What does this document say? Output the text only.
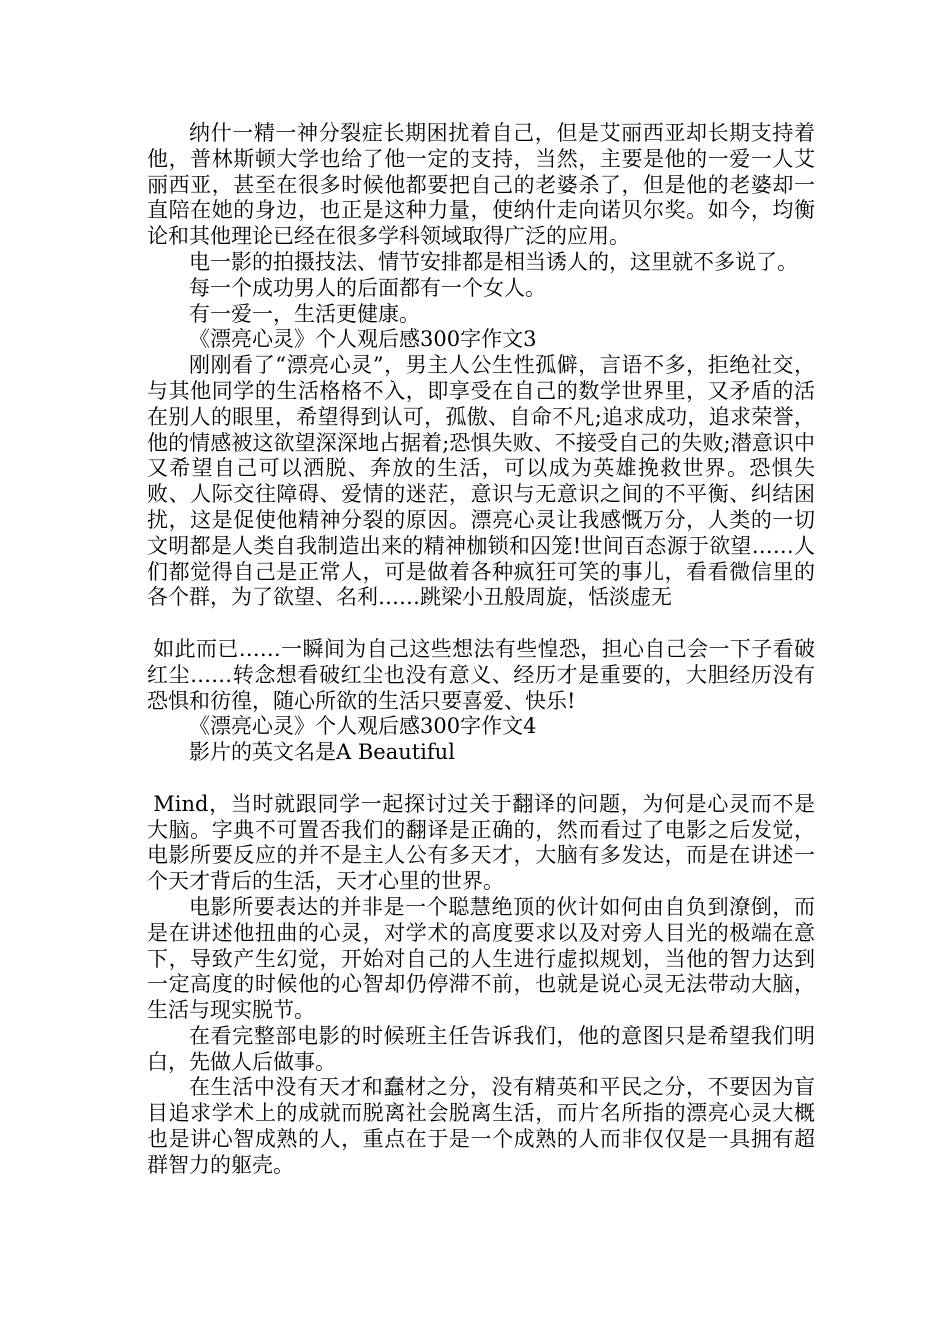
纳什一精一神分裂症长期困扰着自己，但是艾丽西亚却长期支持着他，普林斯顿大学也给了他一定的支持，当然，主要是他的一爱一人艾丽西亚，甚至在很多时候他都要把自己的老婆杀了，但是他的老婆却一直陪在她的身边，也正是这种力量，使纳什走向诺贝尔奖。如今，均衡论和其他理论已经在很多学科领域取得广泛的应用。

电一影的拍摄技法、情节安排都是相当诱人的，这里就不多说了。

每一个成功男人的后面都有一个女人。

有一爱一，生活更健康。

《漂亮心灵》个人观后感300字作文3

刚刚看了“漂亮心灵”，男主人公生性孤僻，言语不多，拒绝社交，与其他同学的生活格格不入，即享受在自己的数学世界里，又矛盾的活在别人的眼里，希望得到认可，孤傲、自命不凡;追求成功，追求荣誉，他的情感被这欲望深深地占据着;恐惧失败、不接受自己的失败;潜意识中又希望自己可以洒脱、奔放的生活，可以成为英雄挽救世界。恐惧失败、人际交往障碍、爱情的迷茫，意识与无意识之间的不平衡、纠结困扰，这是促使他精神分裂的原因。漂亮心灵让我感慨万分，人类的一切文明都是人类自我制造出来的精神枷锁和囚笼!世间百态源于欲望……人们都觉得自己是正常人，可是做着各种疯狂可笑的事儿，看看微信里的各个群，为了欲望、名利……跳梁小丑般周旋，恬淡虚无

如此而已……一瞬间为自己这些想法有些惶恐，担心自己会一下子看破红尘……转念想看破红尘也没有意义、经历才是重要的，大胆经历没有恐惧和彷徨，随心所欲的生活只要喜爱、快乐!

《漂亮心灵》个人观后感300字作文4

影片的英文名是A Beautiful

Mind，当时就跟同学一起探讨过关于翻译的问题，为何是心灵而不是大脑。字典不可置否我们的翻译是正确的，然而看过了电影之后发觉，电影所要反应的并不是主人公有多天才，大脑有多发达，而是在讲述一个天才背后的生活，天才心里的世界。

电影所要表达的并非是一个聪慧绝顶的伙计如何由自负到潦倒，而是在讲述他扭曲的心灵，对学术的高度要求以及对旁人目光的极端在意下，导致产生幻觉，开始对自己的人生进行虚拟规划，当他的智力达到一定高度的时候他的心智却仍停滞不前，也就是说心灵无法带动大脑，生活与现实脱节。

在看完整部电影的时候班主任告诉我们，他的意图只是希望我们明白，先做人后做事。

在生活中没有天才和蠢材之分，没有精英和平民之分，不要因为盲目追求学术上的成就而脱离社会脱离生活，而片名所指的漂亮心灵大概也是讲心智成熟的人，重点在于是一个成熟的人而非仅仅是一具拥有超群智力的躯壳。
